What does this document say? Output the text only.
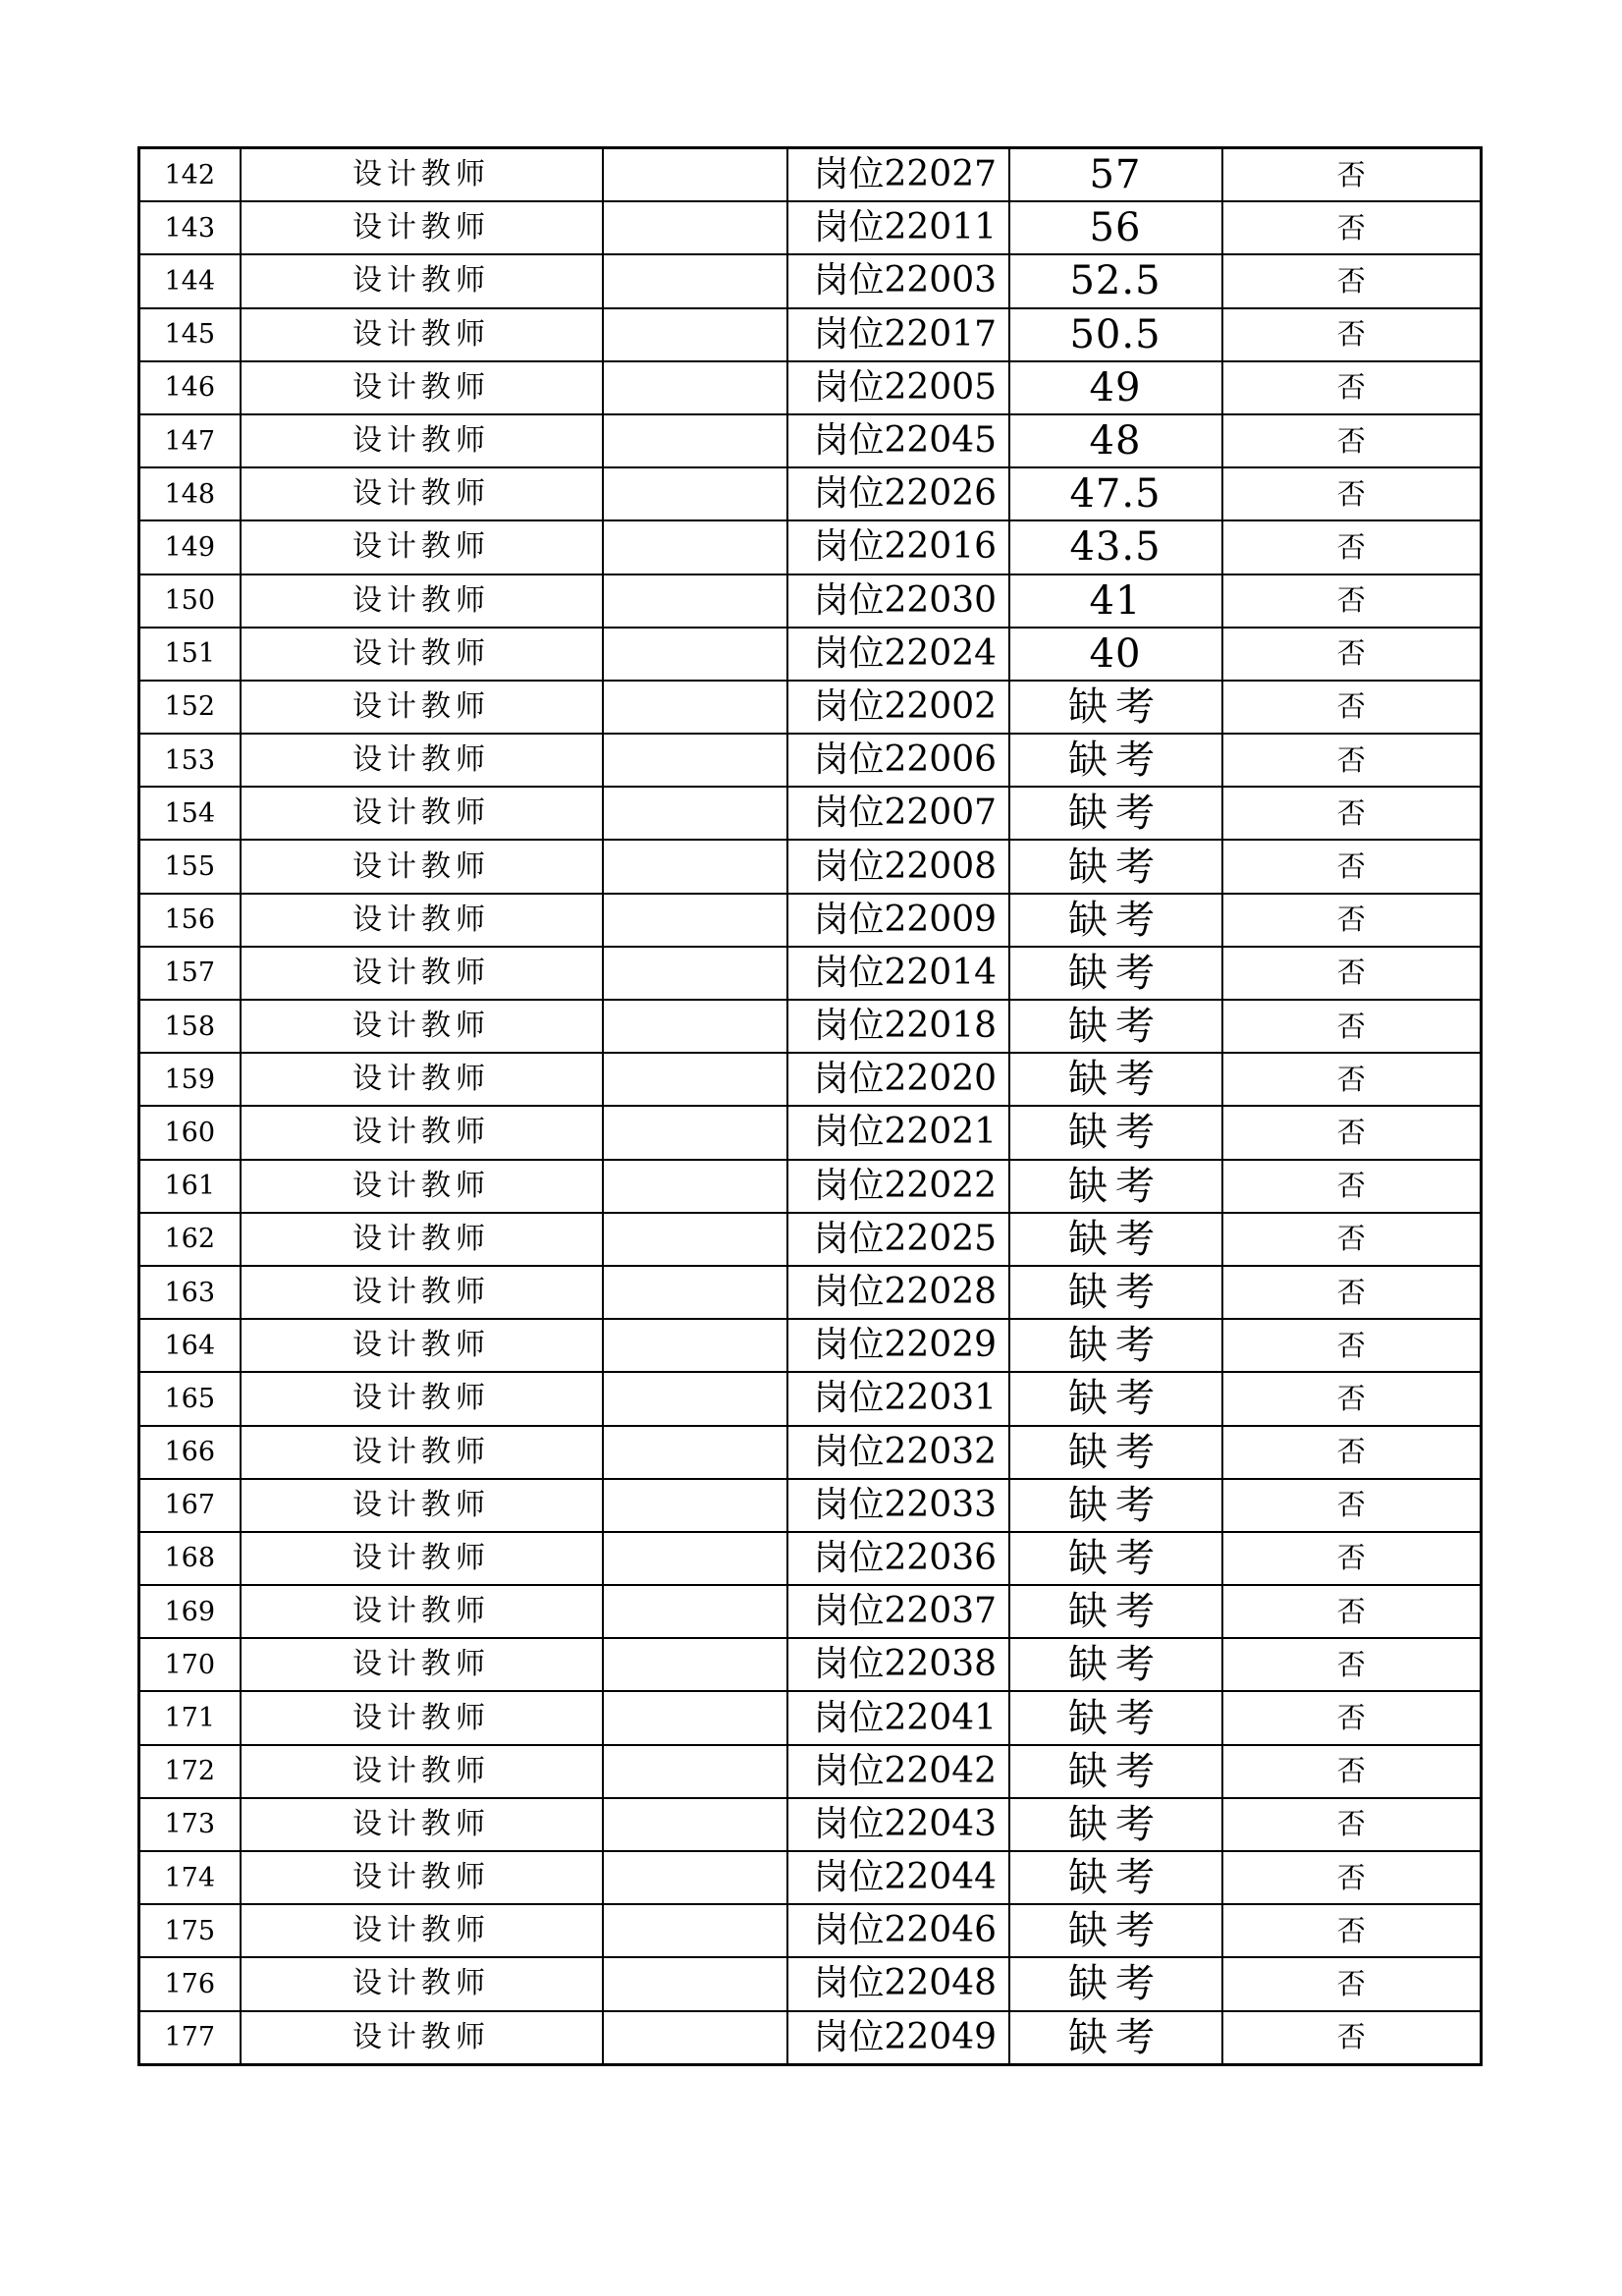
142	设计教师		岗位22027	57	否
143	设计教师		岗位22011	56	否
144	设计教师		岗位22003	52.5	否
145	设计教师		岗位22017	50.5	否
146	设计教师		岗位22005	49	否
147	设计教师		岗位22045	48	否
148	设计教师		岗位22026	47.5	否
149	设计教师		岗位22016	43.5	否
150	设计教师		岗位22030	41	否
151	设计教师		岗位22024	40	否
152	设计教师		岗位22002	缺考	否
153	设计教师		岗位22006	缺考	否
154	设计教师		岗位22007	缺考	否
155	设计教师		岗位22008	缺考	否
156	设计教师		岗位22009	缺考	否
157	设计教师		岗位22014	缺考	否
158	设计教师		岗位22018	缺考	否
159	设计教师		岗位22020	缺考	否
160	设计教师		岗位22021	缺考	否
161	设计教师		岗位22022	缺考	否
162	设计教师		岗位22025	缺考	否
163	设计教师		岗位22028	缺考	否
164	设计教师		岗位22029	缺考	否
165	设计教师		岗位22031	缺考	否
166	设计教师		岗位22032	缺考	否
167	设计教师		岗位22033	缺考	否
168	设计教师		岗位22036	缺考	否
169	设计教师		岗位22037	缺考	否
170	设计教师		岗位22038	缺考	否
171	设计教师		岗位22041	缺考	否
172	设计教师		岗位22042	缺考	否
173	设计教师		岗位22043	缺考	否
174	设计教师		岗位22044	缺考	否
175	设计教师		岗位22046	缺考	否
176	设计教师		岗位22048	缺考	否
177	设计教师		岗位22049	缺考	否
